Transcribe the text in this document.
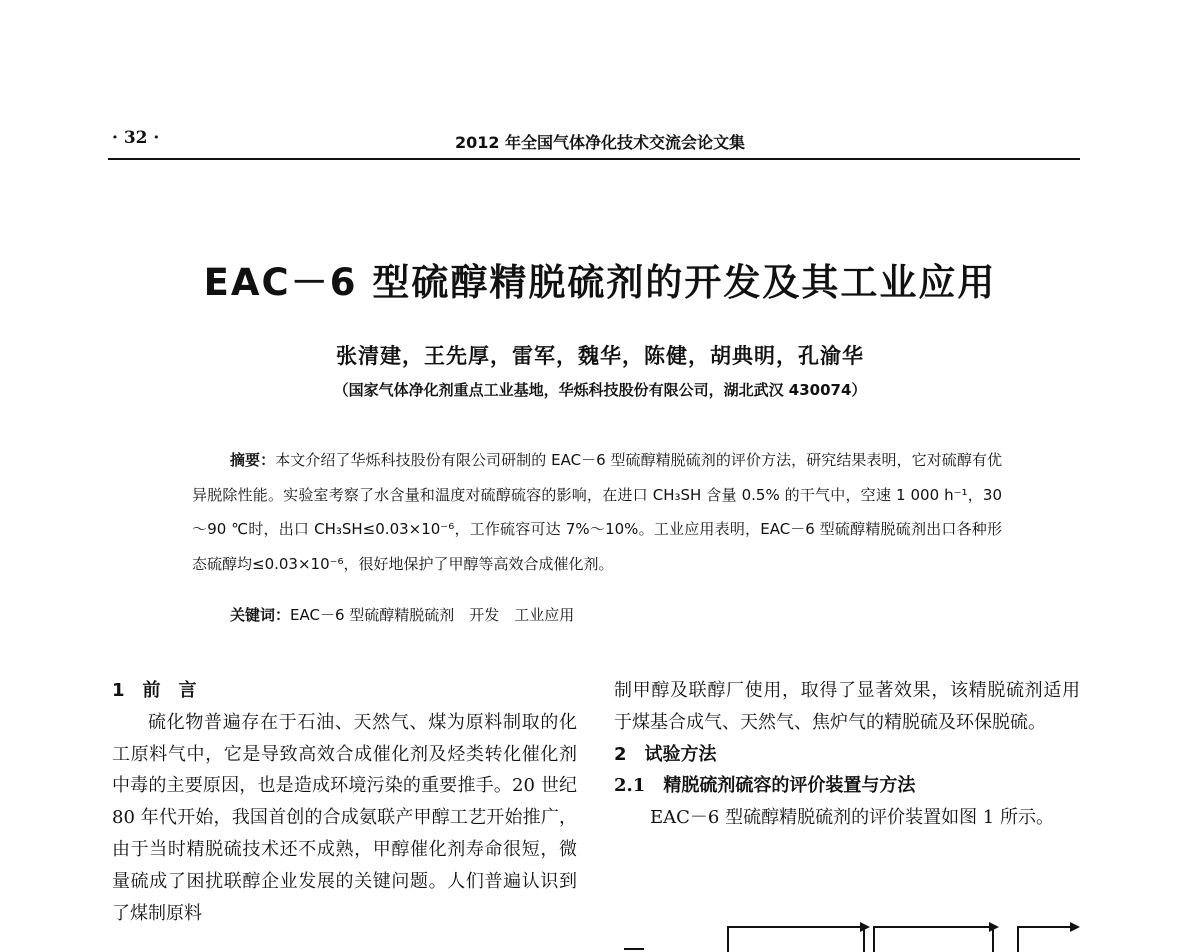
· 32 ·	2012 年全国气体净化技术交流会论文集
EAC－6 型硫醇精脱硫剂的开发及其工业应用
张清建，王先厚，雷军，魏华，陈健，胡典明，孔渝华
（国家气体净化剂重点工业基地，华烁科技股份有限公司，湖北武汉 430074）
摘要：本文介绍了华烁科技股份有限公司研制的 EAC－6 型硫醇精脱硫剂的评价方法，研究结果表明，它对硫醇有优异脱除性能。实验室考察了水含量和温度对硫醇硫容的影响，在进口 CH₃SH 含量 0.5% 的干气中，空速 1 000 h⁻¹，30～90 ℃时，出口 CH₃SH≤0.03×10⁻⁶，工作硫容可达 7%～10%。工业应用表明，EAC－6 型硫醇精脱硫剂出口各种形态硫醇均≤0.03×10⁻⁶，很好地保护了甲醇等高效合成催化剂。
关键词：EAC－6 型硫醇精脱硫剂　开发　工业应用
1　前　言
硫化物普遍存在于石油、天然气、煤为原料制取的化工原料气中，它是导致高效合成催化剂及烃类转化催化剂中毒的主要原因，也是造成环境污染的重要推手。20 世纪 80 年代开始，我国首创的合成氨联产甲醇工艺开始推广，由于当时精脱硫技术还不成熟，甲醇催化剂寿命很短，微量硫成了困扰联醇企业发展的关键问题。人们普遍认识到了煤制原料
制甲醇及联醇厂使用，取得了显著效果，该精脱硫剂适用于煤基合成气、天然气、焦炉气的精脱硫及环保脱硫。
2　试验方法
2.1　精脱硫剂硫容的评价装置与方法
EAC－6 型硫醇精脱硫剂的评价装置如图 1 所示。
